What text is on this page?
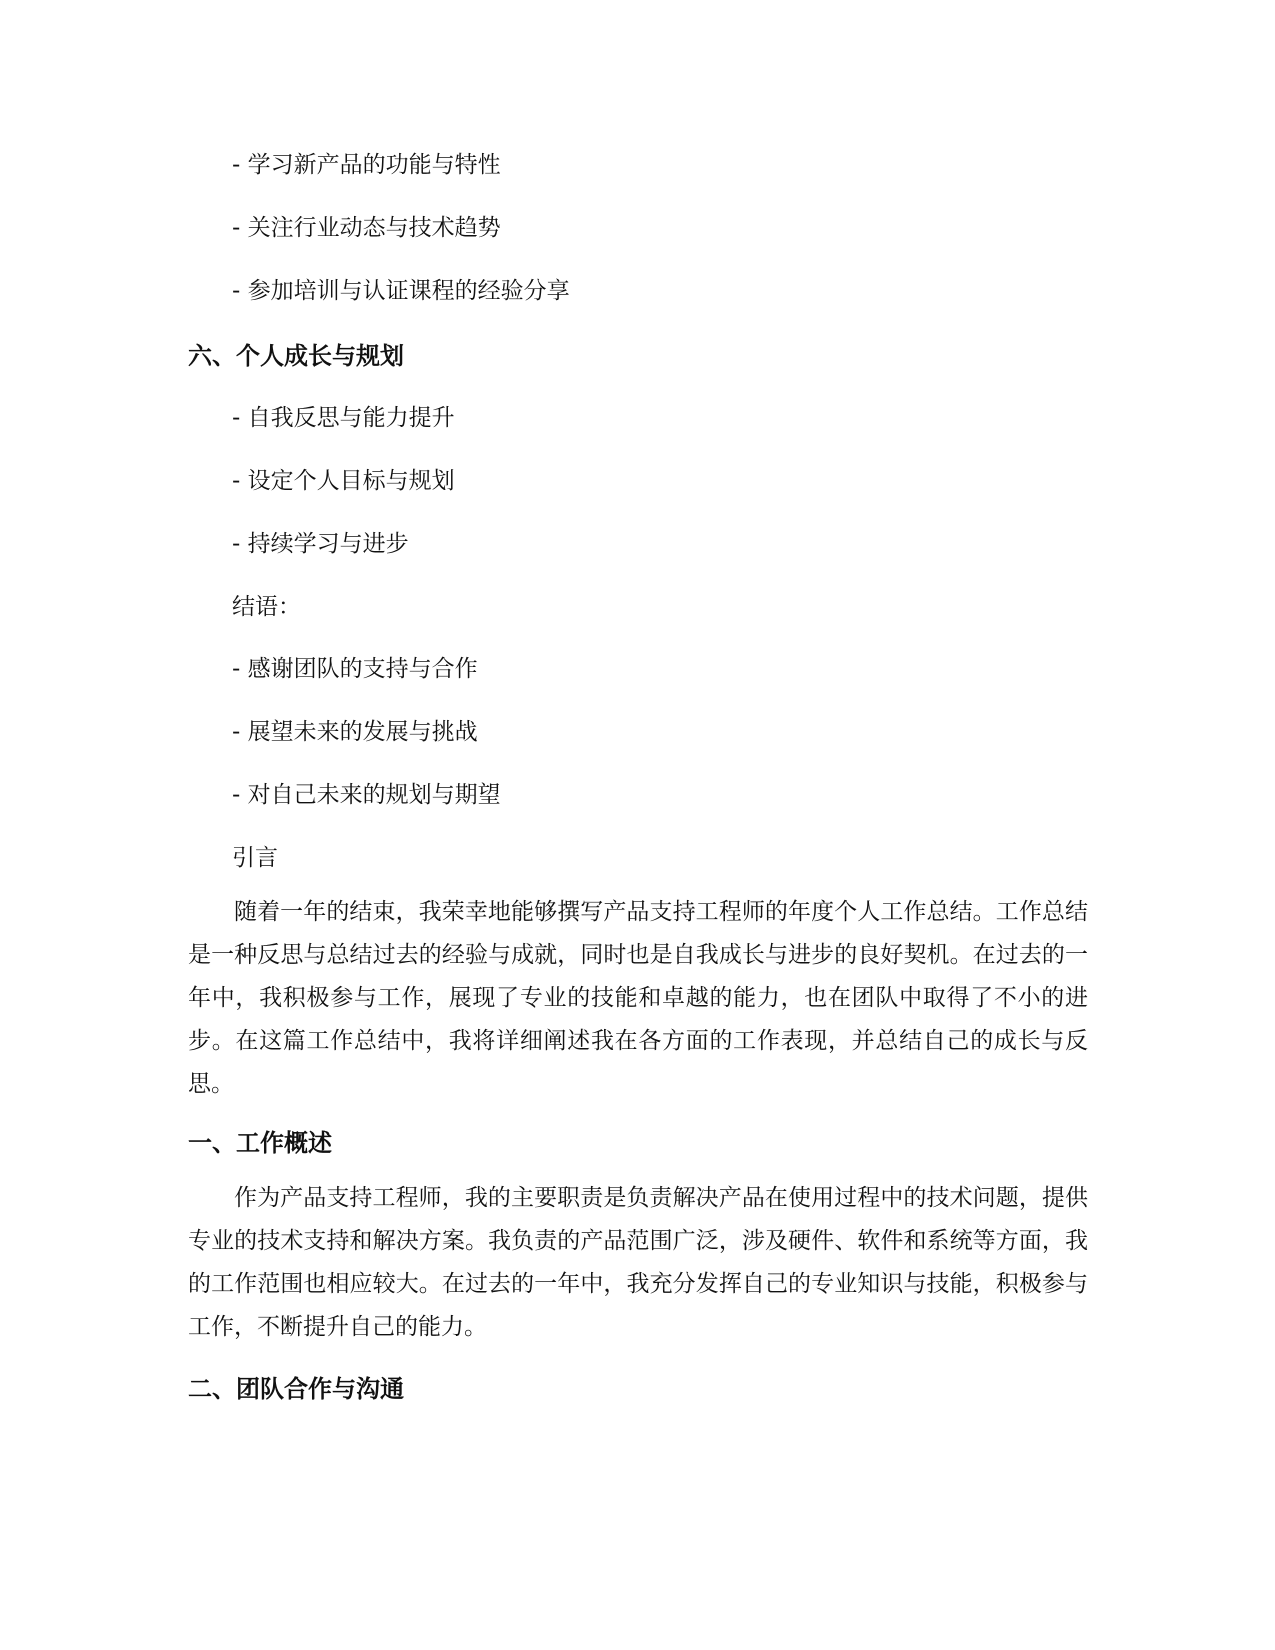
- 学习新产品的功能与特性
- 关注行业动态与技术趋势
- 参加培训与认证课程的经验分享
六、个人成长与规划
- 自我反思与能力提升
- 设定个人目标与规划
- 持续学习与进步
结语：
- 感谢团队的支持与合作
- 展望未来的发展与挑战
- 对自己未来的规划与期望
引言

随着一年的结束，我荣幸地能够撰写产品支持工程师的年度个人工作总结。工作总结是一种反思与总结过去的经验与成就，同时也是自我成长与进步的良好契机。在过去的一年中，我积极参与工作，展现了专业的技能和卓越的能力，也在团队中取得了不小的进步。在这篇工作总结中，我将详细阐述我在各方面的工作表现，并总结自己的成长与反思。

一、工作概述

作为产品支持工程师，我的主要职责是负责解决产品在使用过程中的技术问题，提供专业的技术支持和解决方案。我负责的产品范围广泛，涉及硬件、软件和系统等方面，我的工作范围也相应较大。在过去的一年中，我充分发挥自己的专业知识与技能，积极参与工作，不断提升自己的能力。

二、团队合作与沟通
